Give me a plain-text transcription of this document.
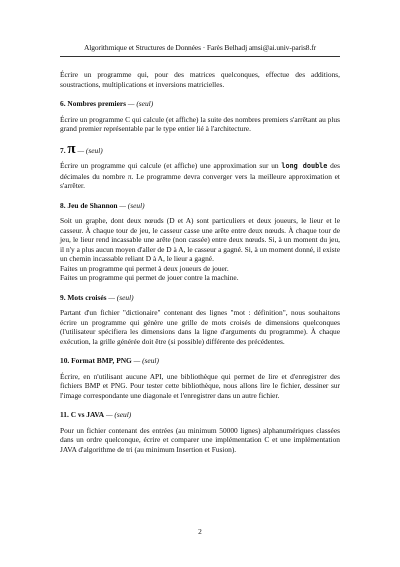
Algorithmique et Structures de Données · Farès Belhadj amsi@ai.univ-paris8.fr

Écrire un programme qui, pour des matrices quelconques, effectue des additions, soustractions, multiplications et inversions matricielles.

6. Nombres premiers — (seul)

Écrire un programme C qui calcule (et affiche) la suite des nombres premiers s'arrêtant au plus grand premier représentable par le type entier lié à l'architecture.

7. π — (seul)

Écrire un programme qui calcule (et affiche) une approximation sur un long double des décimales du nombre π. Le programme devra converger vers la meilleure approximation et s'arrêter.

8. Jeu de Shannon — (seul)

Soit un graphe, dont deux nœuds (D et A) sont particuliers et deux joueurs, le lieur et le casseur. À chaque tour de jeu, le casseur casse une arête entre deux nœuds. À chaque tour de jeu, le lieur rend incassable une arête (non cassée) entre deux nœuds. Si, à un moment du jeu, il n'y a plus aucun moyen d'aller de D à A, le casseur a gagné. Si, à un moment donné, il existe un chemin incassable reliant D à A, le lieur a gagné.

Faites un programme qui permet à deux joueurs de jouer.

Faites un programme qui permet de jouer contre la machine.

9. Mots croisés — (seul)

Partant d'un fichier "dictionaire" contenant des lignes "mot : définition", nous souhaitons écrire un programme qui génère une grille de mots croisés de dimensions quelconques (l'utilisateur spécifiera les dimensions dans la ligne d'arguments du programme). À chaque exécution, la grille générée doit être (si possible) différente des précédentes.

10. Format BMP, PNG — (seul)

Écrire, en n'utilisant aucune API, une bibliothèque qui permet de lire et d'enregistrer des fichiers BMP et PNG. Pour tester cette bibliothèque, nous allons lire le fichier, dessiner sur l'image correspondante une diagonale et l'enregistrer dans un autre fichier.

11. C vs JAVA — (seul)

Pour un fichier contenant des entrées (au minimum 50000 lignes) alphanumériques classées dans un ordre quelconque, écrire et comparer une implémentation C et une implémentation JAVA d'algorithme de tri (au minimum Insertion et Fusion).

2
